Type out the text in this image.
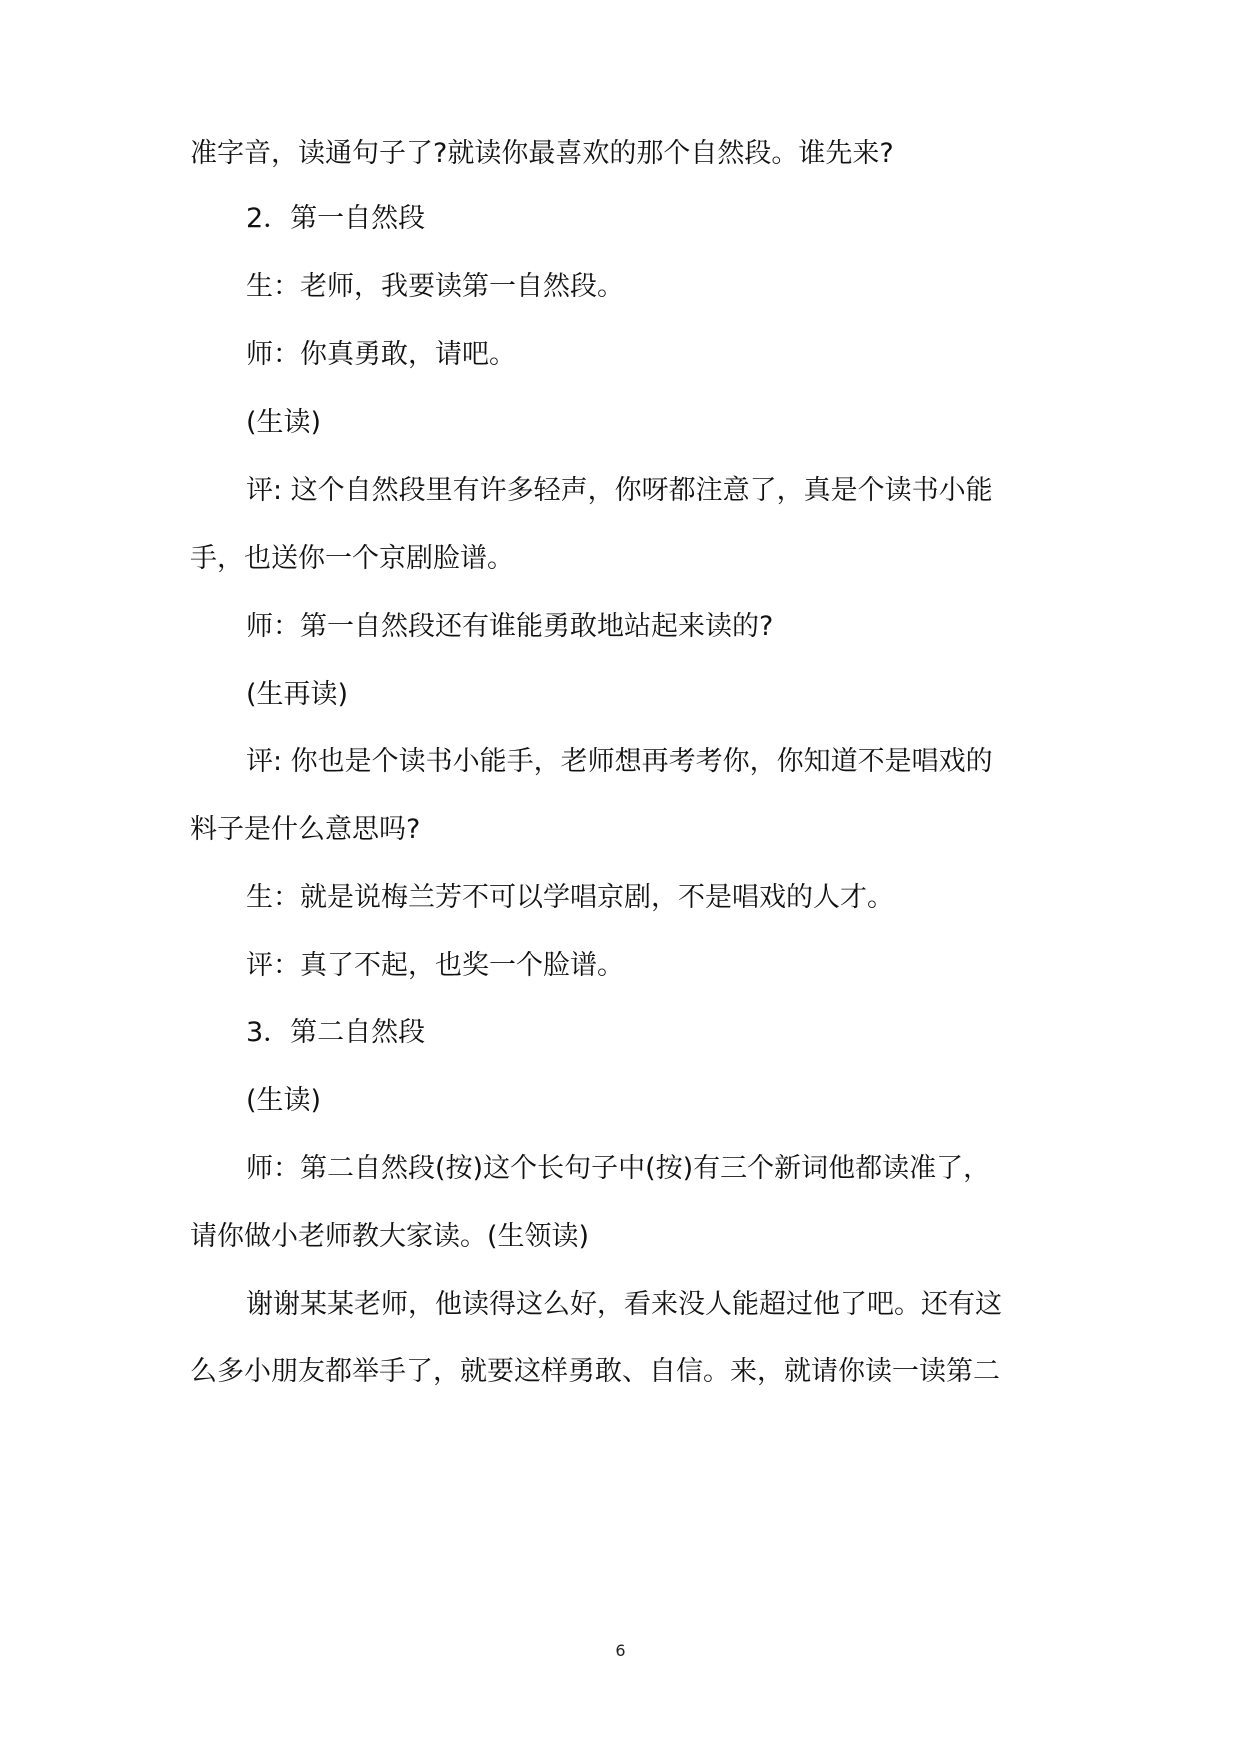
准字音，读通句子了?就读你最喜欢的那个自然段。谁先来?
2．第一自然段
生：老师，我要读第一自然段。
师：你真勇敢，请吧。
(生读)
评: 这个自然段里有许多轻声，你呀都注意了，真是个读书小能
手，也送你一个京剧脸谱。
师：第一自然段还有谁能勇敢地站起来读的?
(生再读)
评: 你也是个读书小能手，老师想再考考你，你知道不是唱戏的
料子是什么意思吗?
生：就是说梅兰芳不可以学唱京剧，不是唱戏的人才。
评：真了不起，也奖一个脸谱。
3．第二自然段
(生读)
师：第二自然段(按)这个长句子中(按)有三个新词他都读准了，
请你做小老师教大家读。(生领读)
谢谢某某老师，他读得这么好，看来没人能超过他了吧。还有这
么多小朋友都举手了，就要这样勇敢、自信。来，就请你读一读第二
6
